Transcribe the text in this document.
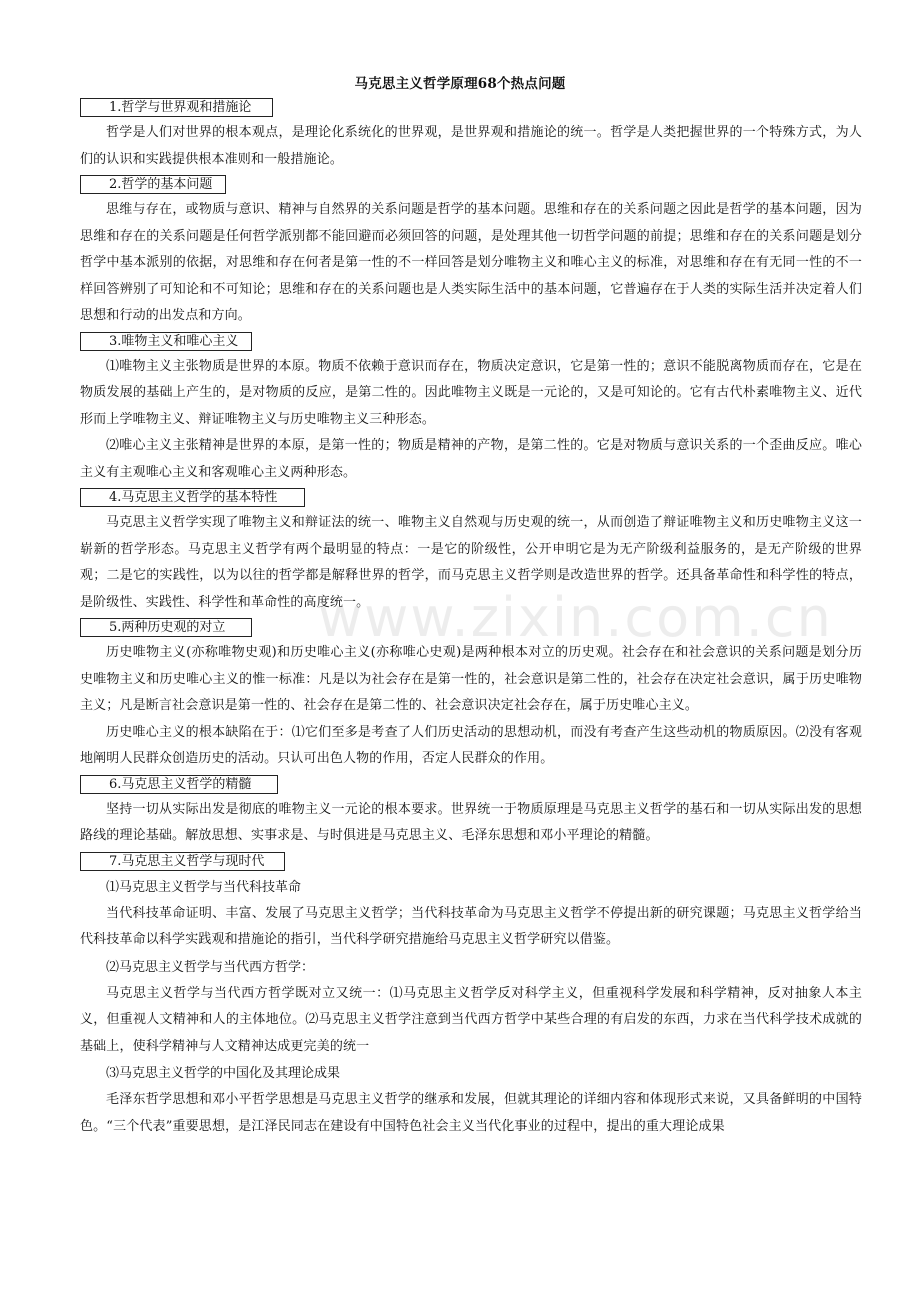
马克思主义哲学原理68个热点问题
1.哲学与世界观和措施论

哲学是人们对世界的根本观点，是理论化系统化的世界观，是世界观和措施论的统一。哲学是人类把握世界的一个特殊方式，为人们的认识和实践提供根本准则和一般措施论。

2.哲学的基本问题

思维与存在，或物质与意识、精神与自然界的关系问题是哲学的基本问题。思维和存在的关系问题之因此是哲学的基本问题，因为思维和存在的关系问题是任何哲学派别都不能回避而必须回答的问题，是处理其他一切哲学问题的前提；思维和存在的关系问题是划分哲学中基本派别的依据，对思维和存在何者是第一性的不一样回答是划分唯物主义和唯心主义的标准，对思维和存在有无同一性的不一样回答辨别了可知论和不可知论；思维和存在的关系问题也是人类实际生活中的基本问题，它普遍存在于人类的实际生活并决定着人们思想和行动的出发点和方向。

3.唯物主义和唯心主义

⑴唯物主义主张物质是世界的本原。物质不依赖于意识而存在，物质决定意识，它是第一性的；意识不能脱离物质而存在，它是在物质发展的基础上产生的，是对物质的反应，是第二性的。因此唯物主义既是一元论的，又是可知论的。它有古代朴素唯物主义、近代形而上学唯物主义、辩证唯物主义与历史唯物主义三种形态。

⑵唯心主义主张精神是世界的本原，是第一性的；物质是精神的产物，是第二性的。它是对物质与意识关系的一个歪曲反应。唯心主义有主观唯心主义和客观唯心主义两种形态。

4.马克思主义哲学的基本特性

马克思主义哲学实现了唯物主义和辩证法的统一、唯物主义自然观与历史观的统一，从而创造了辩证唯物主义和历史唯物主义这一崭新的哲学形态。马克思主义哲学有两个最明显的特点：一是它的阶级性，公开申明它是为无产阶级利益服务的，是无产阶级的世界观；二是它的实践性，以为以往的哲学都是解释世界的哲学，而马克思主义哲学则是改造世界的哲学。还具备革命性和科学性的特点，是阶级性、实践性、科学性和革命性的高度统一。

5.两种历史观的对立

历史唯物主义(亦称唯物史观)和历史唯心主义(亦称唯心史观)是两种根本对立的历史观。社会存在和社会意识的关系问题是划分历史唯物主义和历史唯心主义的惟一标准：凡是以为社会存在是第一性的，社会意识是第二性的，社会存在决定社会意识，属于历史唯物主义；凡是断言社会意识是第一性的、社会存在是第二性的、社会意识决定社会存在，属于历史唯心主义。

历史唯心主义的根本缺陷在于：⑴它们至多是考查了人们历史活动的思想动机，而没有考查产生这些动机的物质原因。⑵没有客观地阐明人民群众创造历史的活动。只认可出色人物的作用，否定人民群众的作用。

6.马克思主义哲学的精髓

坚持一切从实际出发是彻底的唯物主义一元论的根本要求。世界统一于物质原理是马克思主义哲学的基石和一切从实际出发的思想路线的理论基础。解放思想、实事求是、与时俱进是马克思主义、毛泽东思想和邓小平理论的精髓。

7.马克思主义哲学与现时代

⑴马克思主义哲学与当代科技革命

当代科技革命证明、丰富、发展了马克思主义哲学；当代科技革命为马克思主义哲学不停提出新的研究课题；马克思主义哲学给当代科技革命以科学实践观和措施论的指引，当代科学研究措施给马克思主义哲学研究以借鉴。

⑵马克思主义哲学与当代西方哲学：

马克思主义哲学与当代西方哲学既对立又统一：⑴马克思主义哲学反对科学主义，但重视科学发展和科学精神，反对抽象人本主义，但重视人文精神和人的主体地位。⑵马克思主义哲学注意到当代西方哲学中某些合理的有启发的东西，力求在当代科学技术成就的基础上，使科学精神与人文精神达成更完美的统一

⑶马克思主义哲学的中国化及其理论成果

毛泽东哲学思想和邓小平哲学思想是马克思主义哲学的继承和发展，但就其理论的详细内容和体现形式来说，又具备鲜明的中国特色。“三个代表”重要思想，是江泽民同志在建设有中国特色社会主义当代化事业的过程中，提出的重大理论成果

www.zixin.com.cn
